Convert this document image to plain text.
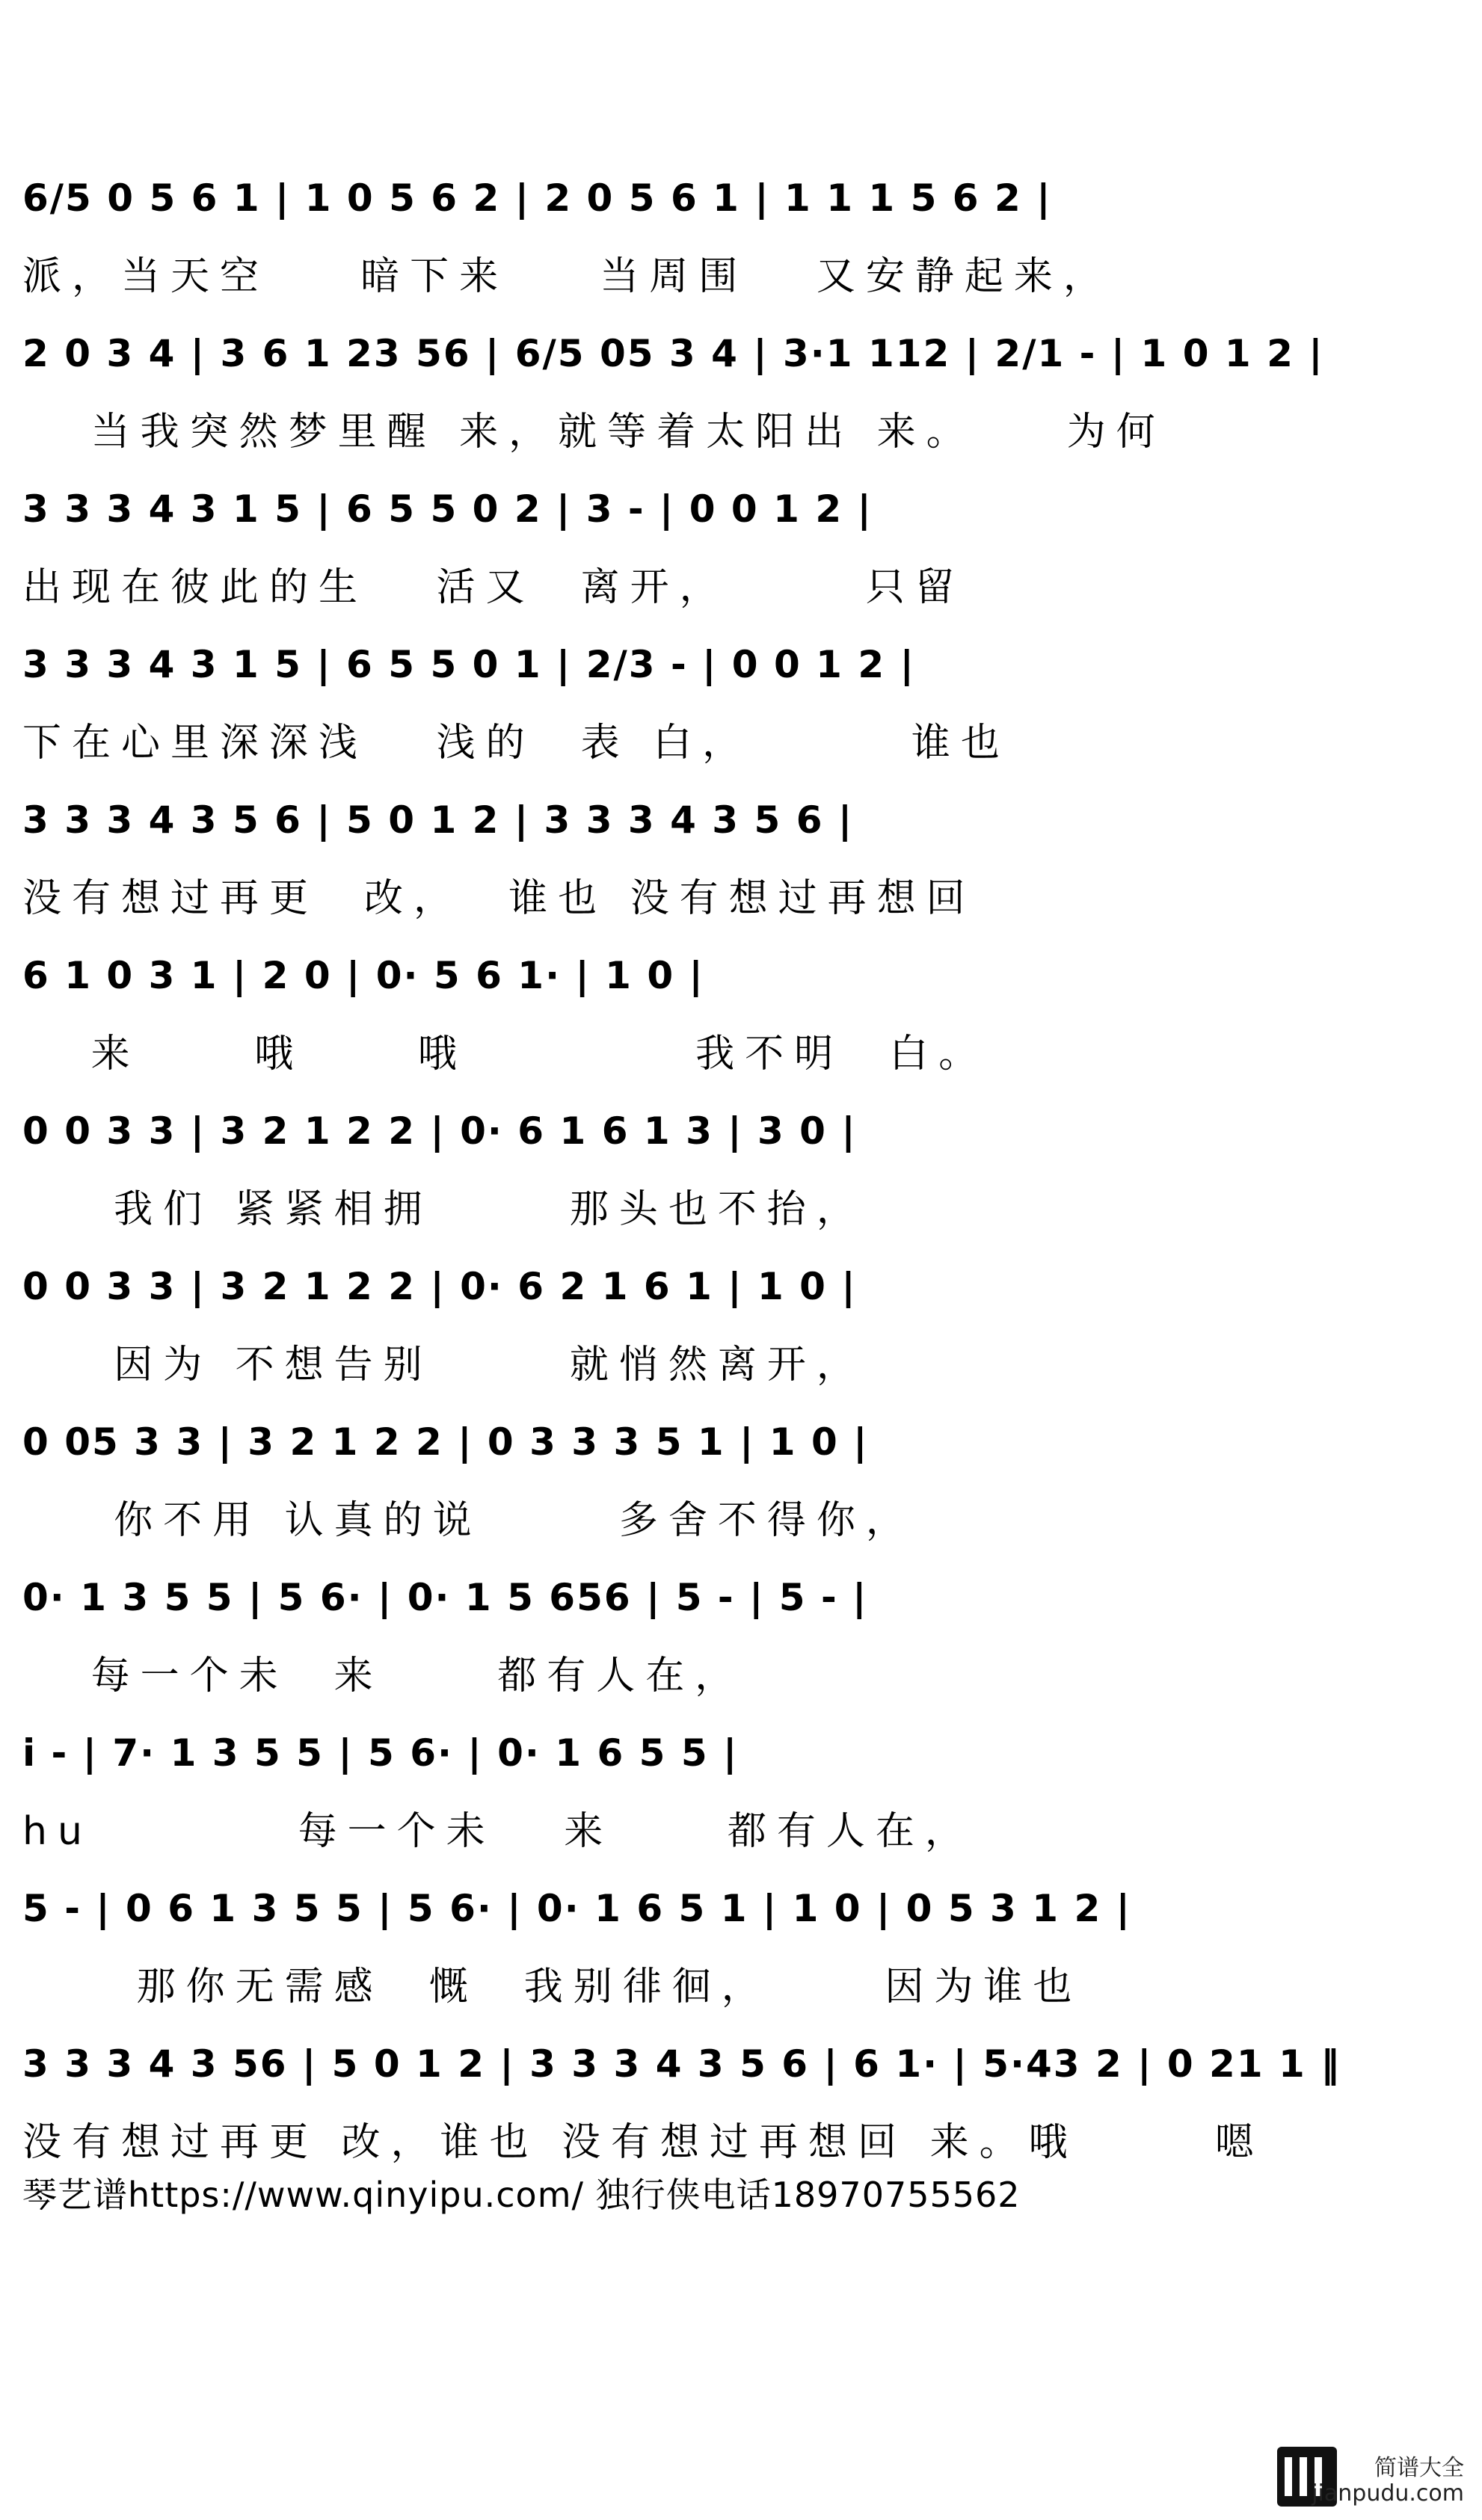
6/5 0 5 6 1 | 1 0 5 6 2 | 2 0 5 6 1 | 1 1 1 5 6 2 |
派，当天空    暗下来    当周围   又安静起来，
2 0 3 4 | 3 6 1 23 56 | 6/5 05 3 4 | 3·1 112 | 2/1 - | 1 0 1 2 |
当我突然梦里醒 来，就等着太阳出 来。    为何
3 3 3 4 3 1 5 | 6 5 5 0 2 | 3 - | 0 0 1 2 |
出现在彼此的生   活又  离开，      只留
3 3 3 4 3 1 5 | 6 5 5 0 1 | 2/3 - | 0 0 1 2 |
下在心里深深浅   浅的  表 白，       谁也
3 3 3 4 3 5 6 | 5 0 1 2 | 3 3 3 4 3 5 6 |
没有想过再更  改，  谁也 没有想过再想回
6 1 0 3 1 | 2 0 | 0· 5 6 1· | 1 0 |
来     哦     哦          我不明  白。
0 0 3 3 | 3 2 1 2 2 | 0· 6 1 6 1 3 | 3 0 |
我们 紧紧相拥      那头也不抬，
0 0 3 3 | 3 2 1 2 2 | 0· 6 2 1 6 1 | 1 0 |
因为 不想告别      就悄然离开，
0 05 3 3 | 3 2 1 2 2 | 0 3 3 3 5 1 | 1 0 |
你不用 认真的说      多舍不得你，
0· 1 3 5 5 | 5 6· | 0· 1 5 656 | 5 - | 5 - |
每一个未  来     都有人在，
i - | 7· 1 3 5 5 | 5 6· | 0· 1 6 5 5 |
hu         每一个未   来     都有人在，
5 - | 0 6 1 3 5 5 | 5 6· | 0· 1 6 5 1 | 1 0 | 0 5 3 1 2 |
那你无需感  慨  我别徘徊，     因为谁也
3 3 3 4 3 56 | 5 0 1 2 | 3 3 3 4 3 5 6 | 6 1· | 5·43 2 | 0 21 1 ‖
没有想过再更 改，谁也 没有想过再想回 来。哦      嗯
琴艺谱https://www.qinyipu.com/ 独行侠电话18970755562
简谱大全
jianpudu.com
